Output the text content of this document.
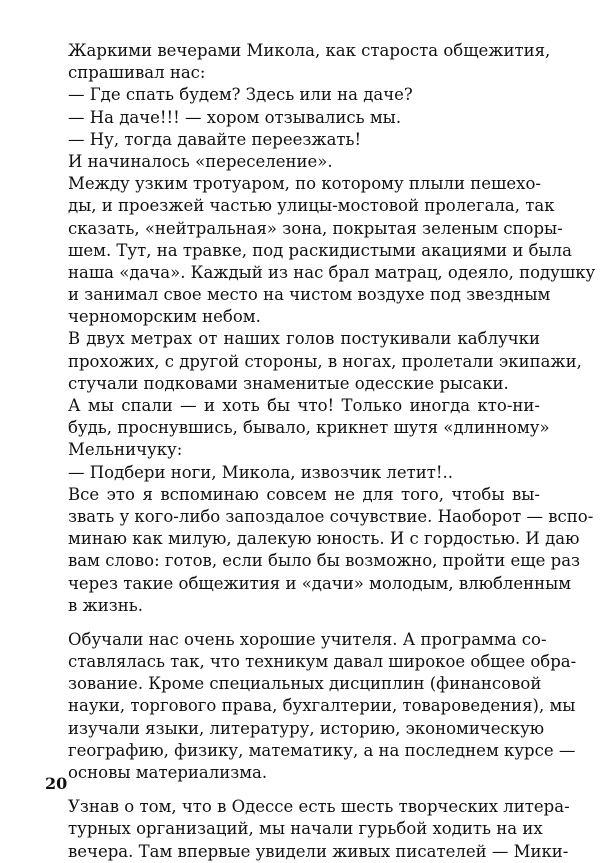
Жаркими вечерами Микола, как староста общежития,
спрашивал нас:
— Где спать будем? Здесь или на даче?
— На даче!!! — хором отзывались мы.
— Ну, тогда давайте переезжать!
И начиналось «переселение».
Между узким тротуаром, по которому плыли пешехо-
ды, и проезжей частью улицы-мостовой пролегала, так
сказать, «нейтральная» зона, покрытая зеленым споры-
шем. Тут, на травке, под раскидистыми акациями и была
наша «дача». Каждый из нас брал матрац, одеяло, подушку
и занимал свое место на чистом воздухе под звездным
черноморским небом.
В двух метрах от наших голов постукивали каблучки
прохожих, с другой стороны, в ногах, пролетали экипажи,
стучали подковами знаменитые одесские рысаки.
А мы спали — и хоть бы что! Только иногда кто-ни-
будь, проснувшись, бывало, крикнет шутя «длинному»
Мельничуку:
— Подбери ноги, Микола, извозчик летит!..
Все это я вспоминаю совсем не для того, чтобы вы-
звать у кого-либо запоздалое сочувствие. Наоборот — вспо-
минаю как милую, далекую юность. И с гордостью. И даю
вам слово: готов, если было бы возможно, пройти еще раз
через такие общежития и «дачи» молодым, влюбленным
в жизнь.
Обучали нас очень хорошие учителя. А программа со-
ставлялась так, что техникум давал широкое общее обра-
зование. Кроме специальных дисциплин (финансовой
науки, торгового права, бухгалтерии, товароведения), мы
изучали языки, литературу, историю, экономическую
географию, физику, математику, а на последнем курсе —
основы материализма.
Узнав о том, что в Одессе есть шесть творческих литера-
турных организаций, мы начали гурьбой ходить на их
вечера. Там впервые увидели живых писателей — Мики-
20
